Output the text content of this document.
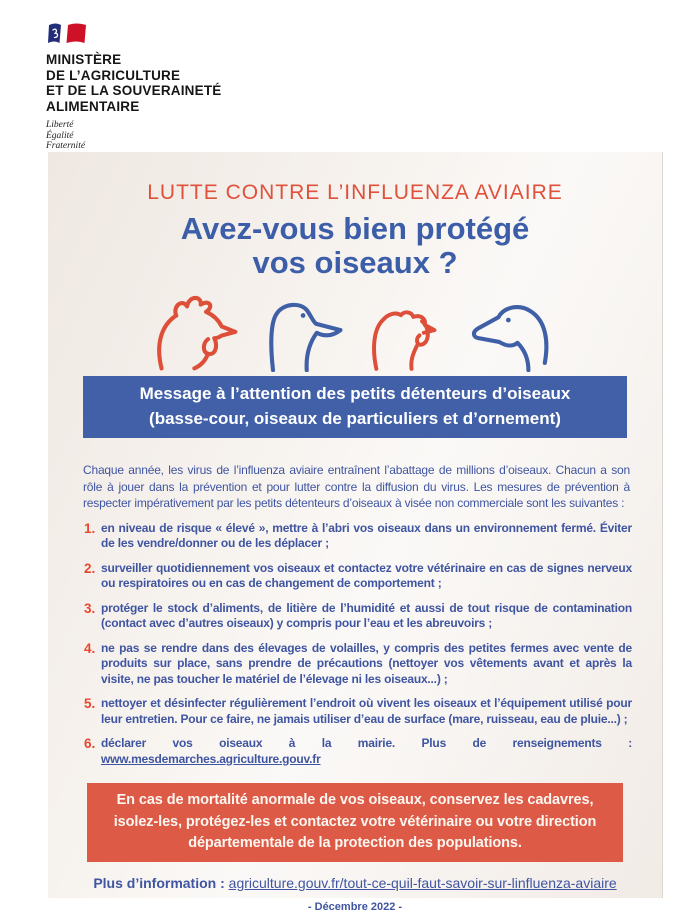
MINISTÈRE
DE L’AGRICULTURE
ET DE LA SOUVERAINETÉ
ALIMENTAIRE
Liberté
Égalité
Fraternité
LUTTE CONTRE L’INFLUENZA AVIAIRE
Avez-vous bien protégé
vos oiseaux ?
Message à l’attention des petits détenteurs d’oiseaux
(basse-cour, oiseaux de particuliers et d’ornement)
Chaque année, les virus de l’influenza aviaire entraînent l’abattage de millions d’oiseaux. Chacun a son rôle à jouer dans la prévention et pour lutter contre la diffusion du virus. Les mesures de prévention à respecter impérativement par les petits détenteurs d’oiseaux à visée non commerciale sont les suivantes :
1. en niveau de risque « élevé », mettre à l’abri vos oiseaux dans un environnement fermé. Éviter de les vendre/donner ou de les déplacer ;
2. surveiller quotidiennement vos oiseaux et contactez votre vétérinaire en cas de signes nerveux ou respiratoires ou en cas de changement de comportement ;
3. protéger le stock d’aliments, de litière de l’humidité et aussi de tout risque de contamination (contact avec d’autres oiseaux) y compris pour l’eau et les abreuvoirs ;
4. ne pas se rendre dans des élevages de volailles, y compris des petites fermes avec vente de produits sur place, sans prendre de précautions (nettoyer vos vêtements avant et après la visite, ne pas toucher le matériel de l’élevage ni les oiseaux...) ;
5. nettoyer et désinfecter régulièrement l’endroit où vivent les oiseaux et l’équipement utilisé pour leur entretien. Pour ce faire, ne jamais utiliser d’eau de surface (mare, ruisseau, eau de pluie...) ;
6. déclarer vos oiseaux à la mairie. Plus de renseignements : www.mesdemarches.agriculture.gouv.fr
En cas de mortalité anormale de vos oiseaux, conservez les cadavres, isolez-les, protégez-les et contactez votre vétérinaire ou votre direction départementale de la protection des populations.
Plus d’information : agriculture.gouv.fr/tout-ce-quil-faut-savoir-sur-linfluenza-aviaire
- Décembre 2022 -
